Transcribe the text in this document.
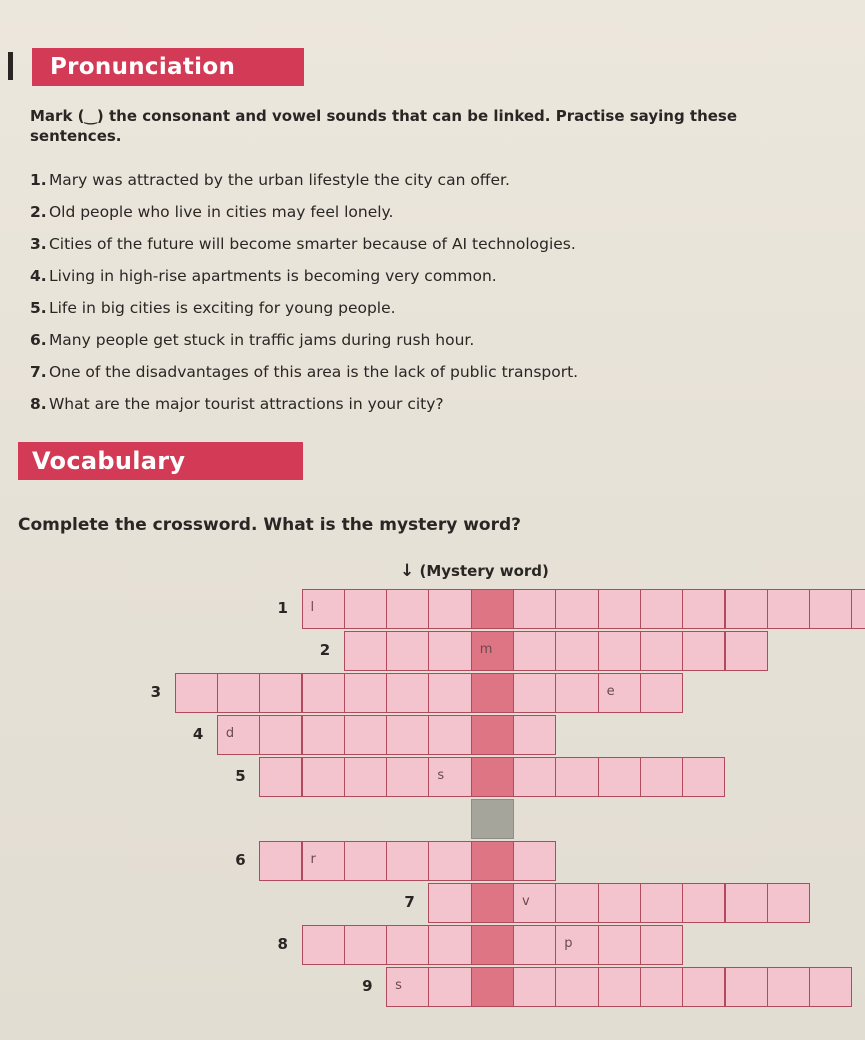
Pronunciation
Mark (‿) the consonant and vowel sounds that can be linked. Practise saying these sentences.
1. Mary was attracted by the urban lifestyle the city can offer.
2. Old people who live in cities may feel lonely.
3. Cities of the future will become smarter because of AI technologies.
4. Living in high-rise apartments is becoming very common.
5. Life in big cities is exciting for young people.
6. Many people get stuck in traffic jams during rush hour.
7. One of the disadvantages of this area is the lack of public transport.
8. What are the major tourist attractions in your city?
Vocabulary
Complete the crossword. What is the mystery word?
↓ (Mystery word)
l
1
m
2
e
3
d
4
s
5
r
6
v
7
p
8
s
9
